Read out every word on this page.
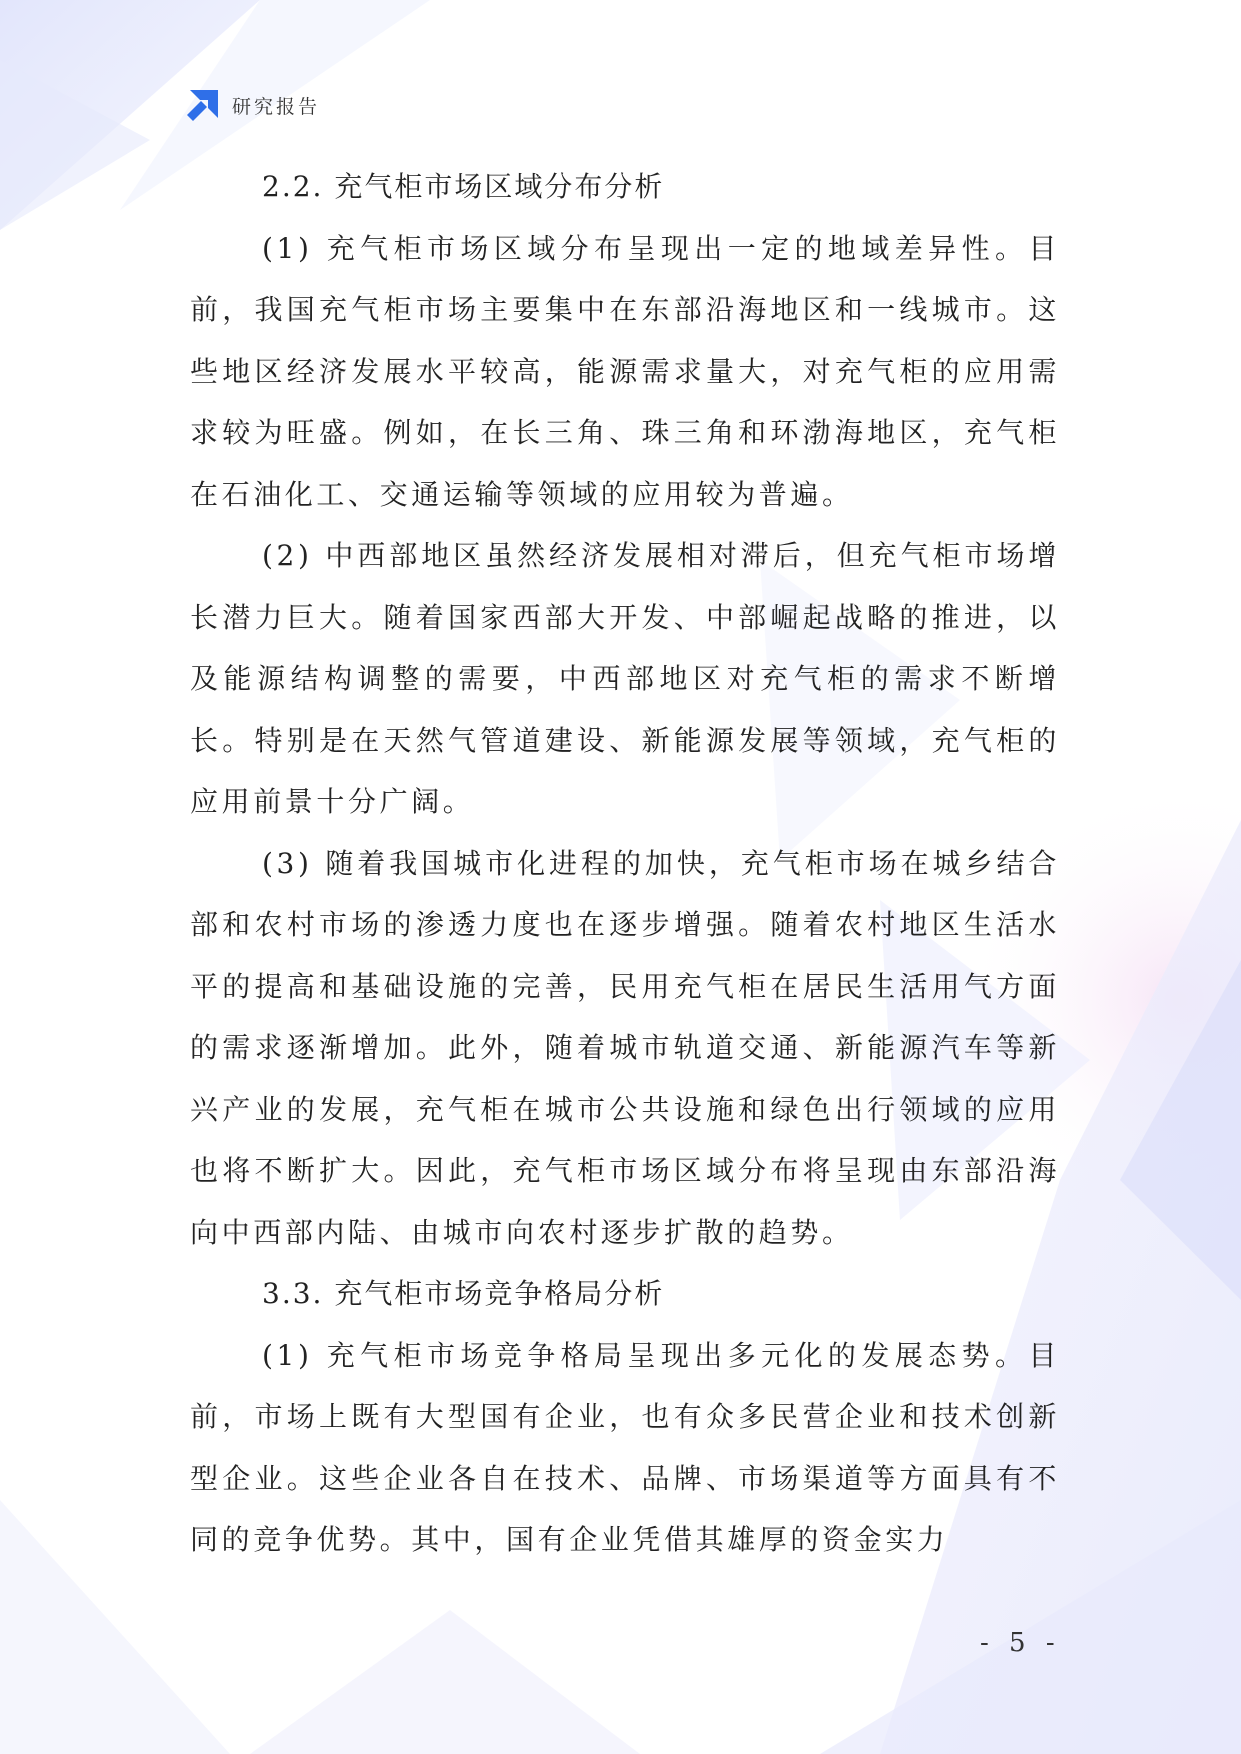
研究报告
2.2. 充气柜市场区域分布分析

(1) 充气柜市场区域分布呈现出一定的地域差异性。目前，我国充气柜市场主要集中在东部沿海地区和一线城市。这些地区经济发展水平较高，能源需求量大，对充气柜的应用需求较为旺盛。例如，在长三角、珠三角和环渤海地区，充气柜在石油化工、交通运输等领域的应用较为普遍。

(2) 中西部地区虽然经济发展相对滞后，但充气柜市场增长潜力巨大。随着国家西部大开发、中部崛起战略的推进，以及能源结构调整的需要，中西部地区对充气柜的需求不断增长。特别是在天然气管道建设、新能源发展等领域，充气柜的应用前景十分广阔。

(3) 随着我国城市化进程的加快，充气柜市场在城乡结合部和农村市场的渗透力度也在逐步增强。随着农村地区生活水平的提高和基础设施的完善，民用充气柜在居民生活用气方面的需求逐渐增加。此外，随着城市轨道交通、新能源汽车等新兴产业的发展，充气柜在城市公共设施和绿色出行领域的应用也将不断扩大。因此，充气柜市场区域分布将呈现由东部沿海向中西部内陆、由城市向农村逐步扩散的趋势。

3.3. 充气柜市场竞争格局分析

(1) 充气柜市场竞争格局呈现出多元化的发展态势。目前，市场上既有大型国有企业，也有众多民营企业和技术创新型企业。这些企业各自在技术、品牌、市场渠道等方面具有不同的竞争优势。其中，国有企业凭借其雄厚的资金实力

- 5 -
